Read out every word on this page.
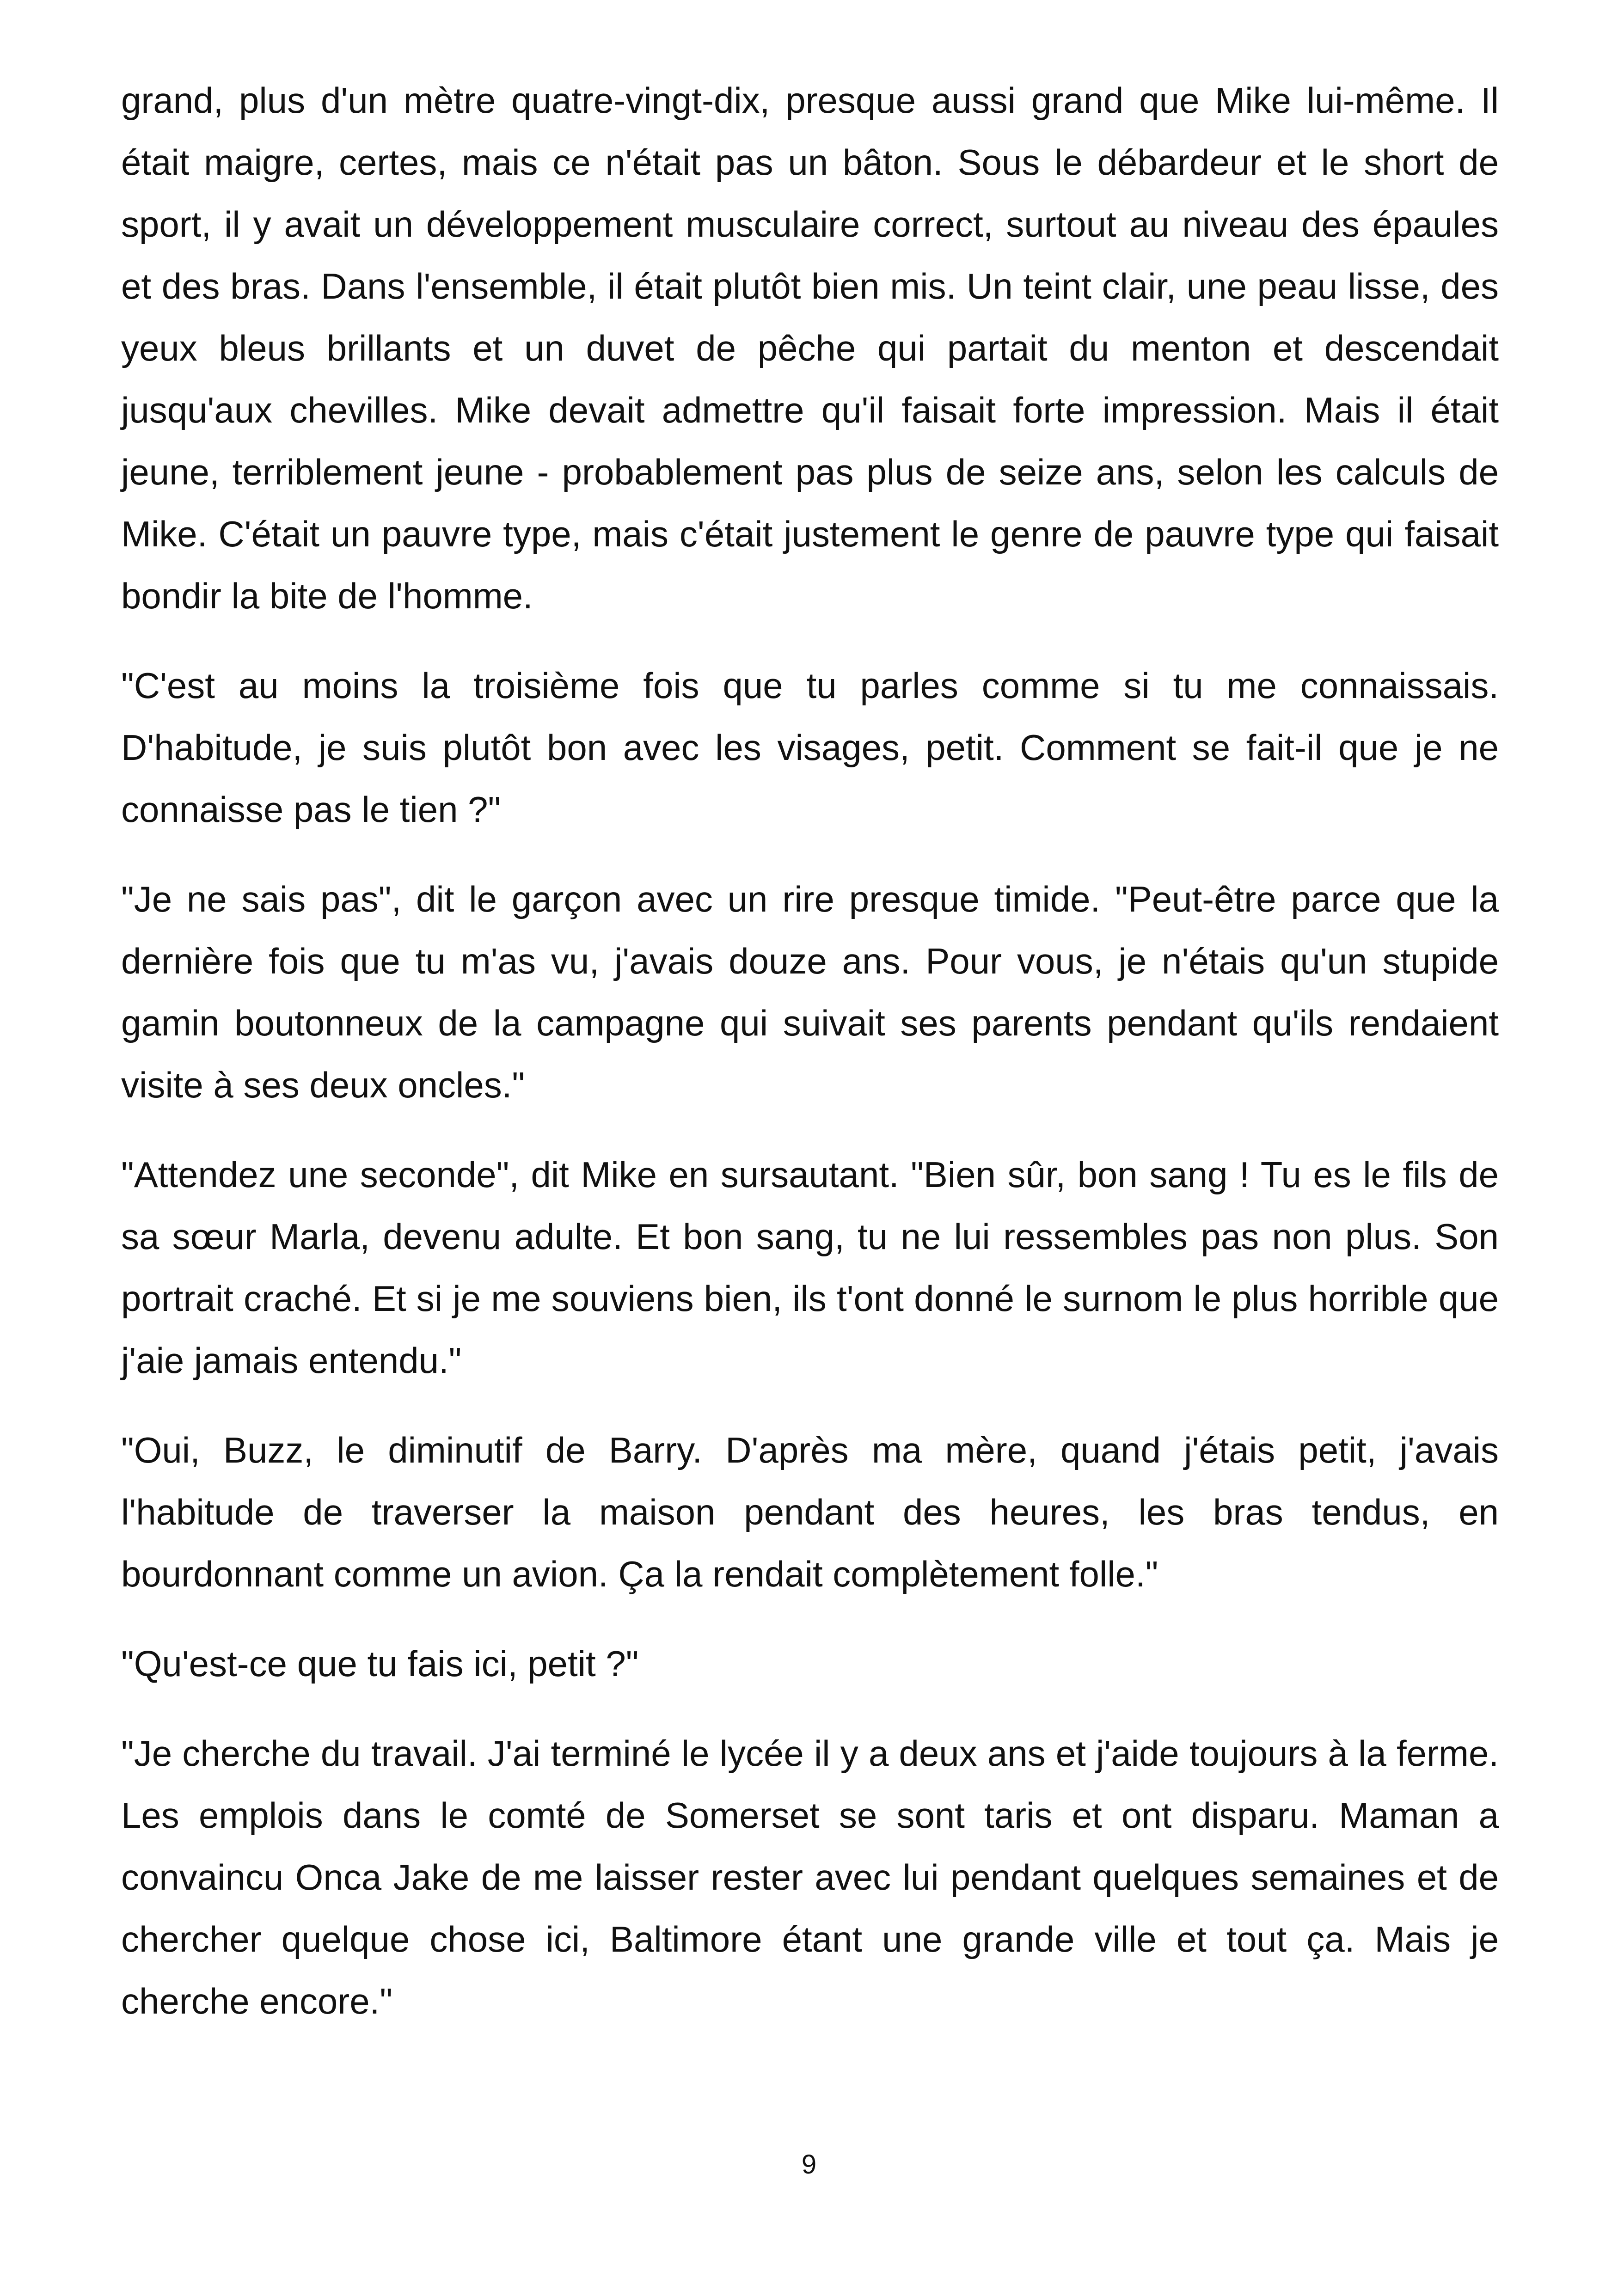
grand, plus d'un mètre quatre-vingt-dix, presque aussi grand que Mike lui-même. Il était maigre, certes, mais ce n'était pas un bâton. Sous le débardeur et le short de sport, il y avait un développement musculaire correct, surtout au niveau des épaules et des bras. Dans l'ensemble, il était plutôt bien mis. Un teint clair, une peau lisse, des yeux bleus brillants et un duvet de pêche qui partait du menton et descendait jusqu'aux chevilles. Mike devait admettre qu'il faisait forte impression. Mais il était jeune, terriblement jeune - probablement pas plus de seize ans, selon les calculs de Mike. C'était un pauvre type, mais c'était justement le genre de pauvre type qui faisait bondir la bite de l'homme.

"C'est au moins la troisième fois que tu parles comme si tu me connaissais. D'habitude, je suis plutôt bon avec les visages, petit. Comment se fait-il que je ne connaisse pas le tien ?"

"Je ne sais pas", dit le garçon avec un rire presque timide. "Peut-être parce que la dernière fois que tu m'as vu, j'avais douze ans. Pour vous, je n'étais qu'un stupide gamin boutonneux de la campagne qui suivait ses parents pendant qu'ils rendaient visite à ses deux oncles."

"Attendez une seconde", dit Mike en sursautant. "Bien sûr, bon sang ! Tu es le fils de sa sœur Marla, devenu adulte. Et bon sang, tu ne lui ressembles pas non plus. Son portrait craché. Et si je me souviens bien, ils t'ont donné le surnom le plus horrible que j'aie jamais entendu."

"Oui, Buzz, le diminutif de Barry. D'après ma mère, quand j'étais petit, j'avais l'habitude de traverser la maison pendant des heures, les bras tendus, en bourdonnant comme un avion. Ça la rendait complètement folle."

"Qu'est-ce que tu fais ici, petit ?"

"Je cherche du travail. J'ai terminé le lycée il y a deux ans et j'aide toujours à la ferme. Les emplois dans le comté de Somerset se sont taris et ont disparu. Maman a convaincu Onca Jake de me laisser rester avec lui pendant quelques semaines et de chercher quelque chose ici, Baltimore étant une grande ville et tout ça. Mais je cherche encore."

9
